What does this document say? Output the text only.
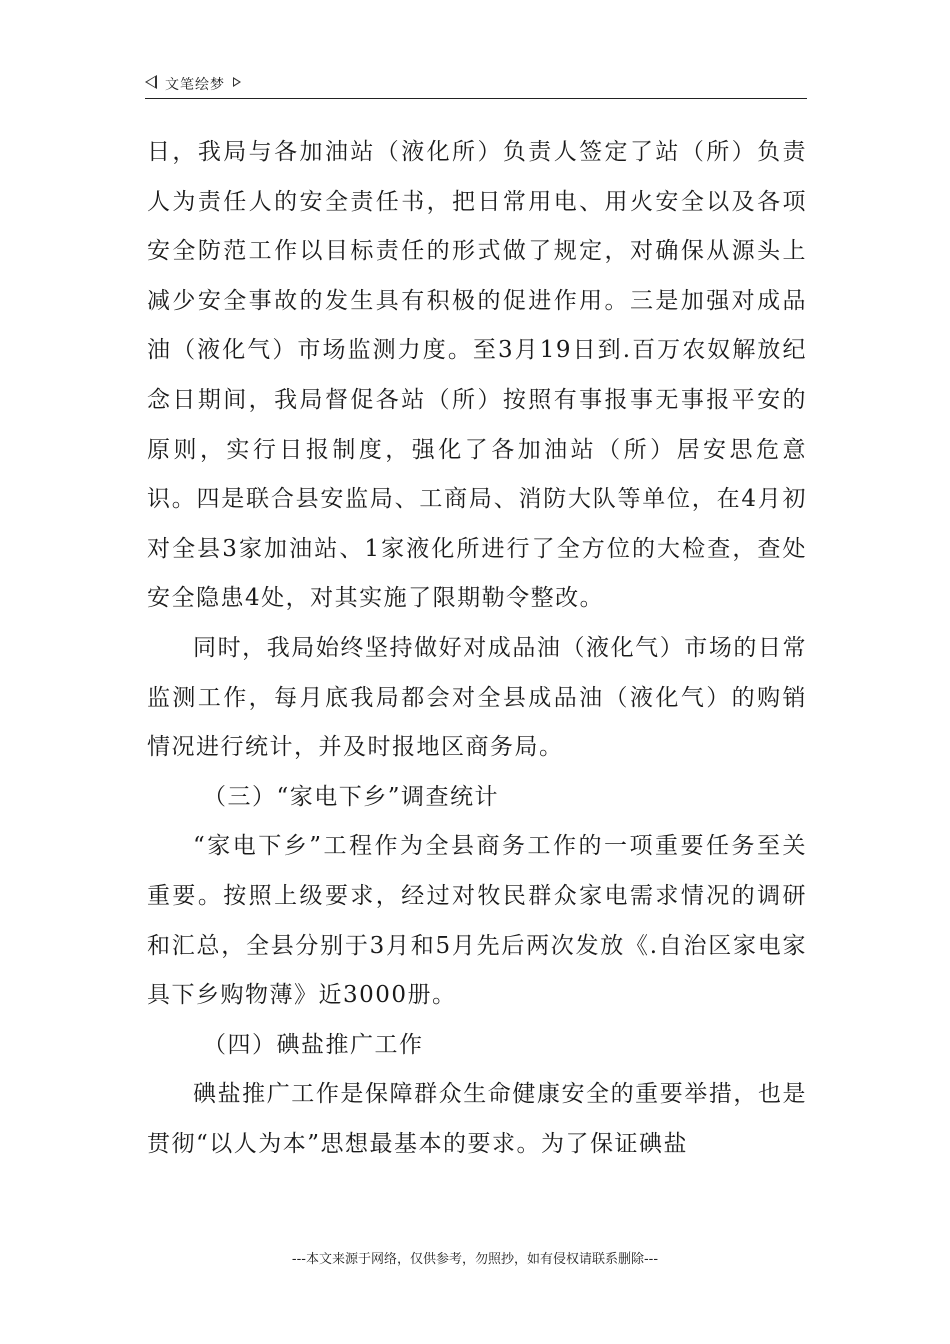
文笔绘梦

日，我局与各加油站（液化所）负责人签定了站（所）负责人为责任人的安全责任书，把日常用电、用火安全以及各项安全防范工作以目标责任的形式做了规定，对确保从源头上减少安全事故的发生具有积极的促进作用。三是加强对成品油（液化气）市场监测力度。至3月19日到.百万农奴解放纪念日期间，我局督促各站（所）按照有事报事无事报平安的原则，实行日报制度，强化了各加油站（所）居安思危意识。四是联合县安监局、工商局、消防大队等单位，在4月初对全县3家加油站、1家液化所进行了全方位的大检查，查处安全隐患4处，对其实施了限期勒令整改。

同时，我局始终坚持做好对成品油（液化气）市场的日常监测工作，每月底我局都会对全县成品油（液化气）的购销情况进行统计，并及时报地区商务局。

（三）“家电下乡”调查统计

“家电下乡”工程作为全县商务工作的一项重要任务至关重要。按照上级要求，经过对牧民群众家电需求情况的调研和汇总，全县分别于3月和5月先后两次发放《.自治区家电家具下乡购物薄》近3000册。

（四）碘盐推广工作

碘盐推广工作是保障群众生命健康安全的重要举措，也是贯彻“以人为本”思想最基本的要求。为了保证碘盐

---本文来源于网络，仅供参考，勿照抄，如有侵权请联系删除---
